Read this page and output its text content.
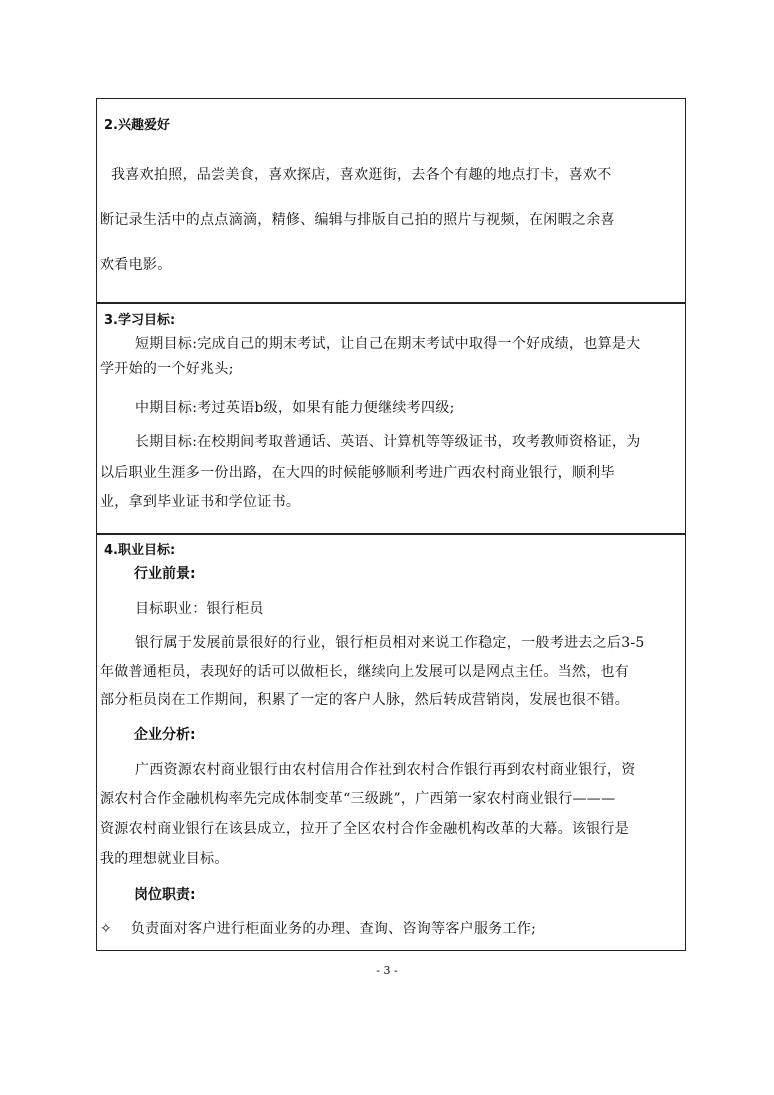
2.兴趣爱好
我喜欢拍照，品尝美食，喜欢探店，喜欢逛街，去各个有趣的地点打卡，喜欢不
断记录生活中的点点滴滴，精修、编辑与排版自己拍的照片与视频，在闲暇之余喜
欢看电影。
3.学习目标:
短期目标:完成自己的期末考试，让自己在期末考试中取得一个好成绩，也算是大
学开始的一个好兆头;
中期目标:考过英语b级，如果有能力便继续考四级;
长期目标:在校期间考取普通话、英语、计算机等等级证书，攻考教师资格证，为
以后职业生涯多一份出路，在大四的时候能够顺利考进广西农村商业银行，顺利毕
业，拿到毕业证书和学位证书。
4.职业目标:
行业前景:
目标职业：银行柜员
银行属于发展前景很好的行业，银行柜员相对来说工作稳定，一般考进去之后3-5
年做普通柜员，表现好的话可以做柜长，继续向上发展可以是网点主任。当然，也有
部分柜员岗在工作期间，积累了一定的客户人脉，然后转成营销岗，发展也很不错。
企业分析:
广西资源农村商业银行由农村信用合作社到农村合作银行再到农村商业银行，资
源农村合作金融机构率先完成体制变革“三级跳”，广西第一家农村商业银行———
资源农村商业银行在该县成立，拉开了全区农村合作金融机构改革的大幕。该银行是
我的理想就业目标。
岗位职责:
✧ 负责面对客户进行柜面业务的办理、查询、咨询等客户服务工作;
- 3 -
